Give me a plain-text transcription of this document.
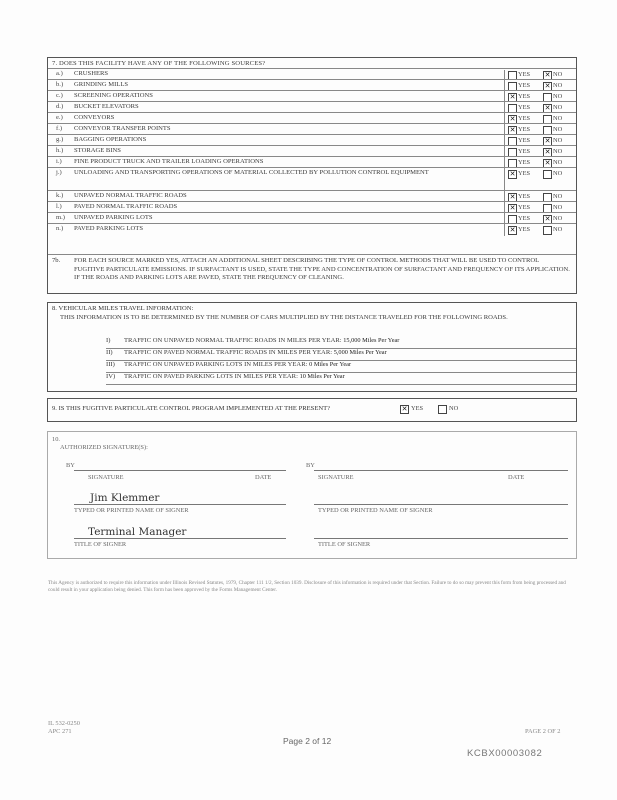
7. DOES THIS FACILITY HAVE ANY OF THE FOLLOWING SOURCES?
a.)	CRUSHERS	YES ✕ NO
b.)	GRINDING MILLS	YES ✕ NO
c.)	SCREENING OPERATIONS	✕ YES	NO
d.)	BUCKET ELEVATORS	YES ✕ NO
e.)	CONVEYORS	✕ YES	NO
f.)	CONVEYOR TRANSFER POINTS	✕ YES	NO
g.)	BAGGING OPERATIONS	YES ✕ NO
h.)	STORAGE BINS	YES ✕ NO
i.)	FINE PRODUCT TRUCK AND TRAILER LOADING OPERATIONS	YES ✕ NO
j.)	UNLOADING AND TRANSPORTING OPERATIONS OF MATERIAL COLLECTED BY POLLUTION CONTROL EQUIPMENT	✕ YES	NO
k.)	UNPAVED NORMAL TRAFFIC ROADS	✕ YES	NO
l.)	PAVED NORMAL TRAFFIC ROADS	✕ YES	NO
m.)	UNPAVED PARKING LOTS	YES ✕ NO
n.)	PAVED PARKING LOTS	✕ YES	NO
7b. FOR EACH SOURCE MARKED YES, ATTACH AN ADDITIONAL SHEET DESCRIBING THE TYPE OF CONTROL METHODS THAT WILL BE USED TO CONTROL FUGITIVE PARTICULATE EMISSIONS. IF SURFACTANT IS USED, STATE THE TYPE AND CONCENTRATION OF SURFACTANT AND FREQUENCY OF ITS APPLICATION. IF THE ROADS AND PARKING LOTS ARE PAVED, STATE THE FREQUENCY OF CLEANING.
8. VEHICULAR MILES TRAVEL INFORMATION:
THIS INFORMATION IS TO BE DETERMINED BY THE NUMBER OF CARS MULTIPLIED BY THE DISTANCE TRAVELED FOR THE FOLLOWING ROADS.
I) TRAFFIC ON UNPAVED NORMAL TRAFFIC ROADS IN MILES PER YEAR: 15,000 Miles Per Year
II) TRAFFIC ON PAVED NORMAL TRAFFIC ROADS IN MILES PER YEAR: 5,000 Miles Per Year
III) TRAFFIC ON UNPAVED PARKING LOTS IN MILES PER YEAR: 0 Miles Per Year
IV) TRAFFIC ON PAVED PARKING LOTS IN MILES PER YEAR: 10 Miles Per Year
9. IS THIS FUGITIVE PARTICULATE CONTROL PROGRAM IMPLEMENTED AT THE PRESENT?	✕ YES	NO
10.
AUTHORIZED SIGNATURE(S):
BY
SIGNATURE	DATE
BY
SIGNATURE	DATE
Jim Klemmer
TYPED OR PRINTED NAME OF SIGNER	TYPED OR PRINTED NAME OF SIGNER
Terminal Manager
TITLE OF SIGNER	TITLE OF SIGNER
This Agency is authorized to require this information under Illinois Revised Statutes, 1979, Chapter 111 1/2, Section 1039. Disclosure of this information is required under that Section. Failure to do so may prevent this form from being processed and could result in your application being denied. This form has been approved by the Forms Management Center.
IL 532-0250
APC 271	PAGE 2 OF 2
Page 2 of 12
KCBX00003082
